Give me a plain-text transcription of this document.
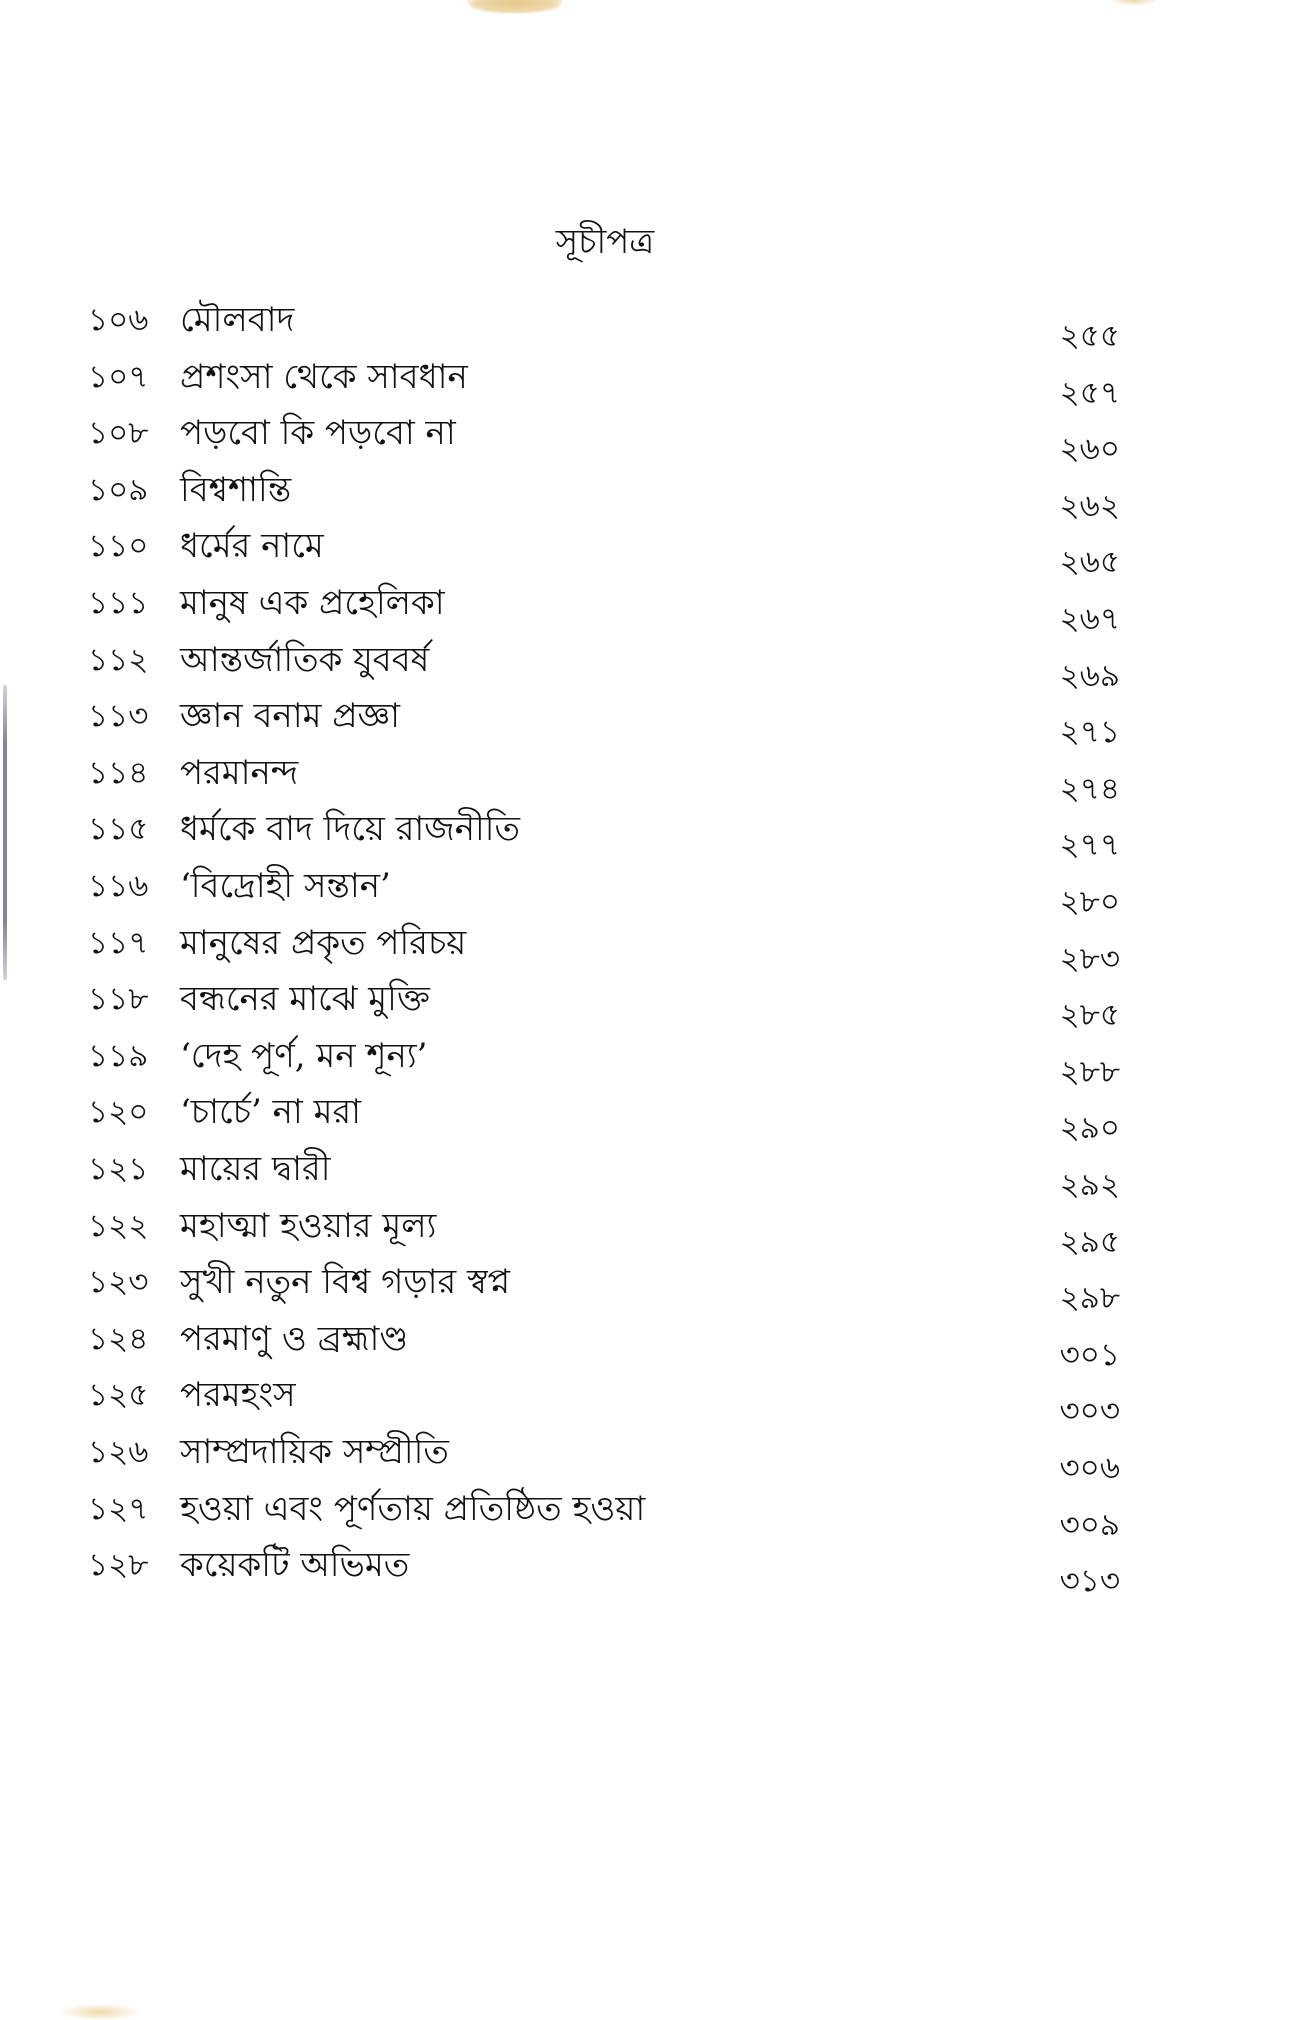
সূচীপত্র
১০৬ মৌলবাদ	২৫৫
১০৭ প্রশংসা থেকে সাবধান	২৫৭
১০৮ পড়বো কি পড়বো না	২৬০
১০৯ বিশ্বশান্তি	২৬২
১১০ ধর্মের নামে	২৬৫
১১১ মানুষ এক প্রহেলিকা	২৬৭
১১২ আন্তর্জাতিক যুববর্ষ	২৬৯
১১৩ জ্ঞান বনাম প্রজ্ঞা	২৭১
১১৪ পরমানন্দ	২৭৪
১১৫ ধর্মকে বাদ দিয়ে রাজনীতি	২৭৭
১১৬ ‘বিদ্রোহী সন্তান’	২৮০
১১৭ মানুষের প্রকৃত পরিচয়	২৮৩
১১৮ বন্ধনের মাঝে মুক্তি	২৮৫
১১৯ ‘দেহ পূর্ণ, মন শূন্য’	২৮৮
১২০ ‘চার্চে’ না মরা	২৯০
১২১ মায়ের দ্বারী	২৯২
১২২ মহাত্মা হওয়ার মূল্য	২৯৫
১২৩ সুখী নতুন বিশ্ব গড়ার স্বপ্ন	২৯৮
১২৪ পরমাণু ও ব্রহ্মাণ্ড	৩০১
১২৫ পরমহংস	৩০৩
১২৬ সাম্প্রদায়িক সম্প্রীতি	৩০৬
১২৭ হওয়া এবং পূর্ণতায় প্রতিষ্ঠিত হওয়া	৩০৯
১২৮ কয়েকটি অভিমত	৩১৩
